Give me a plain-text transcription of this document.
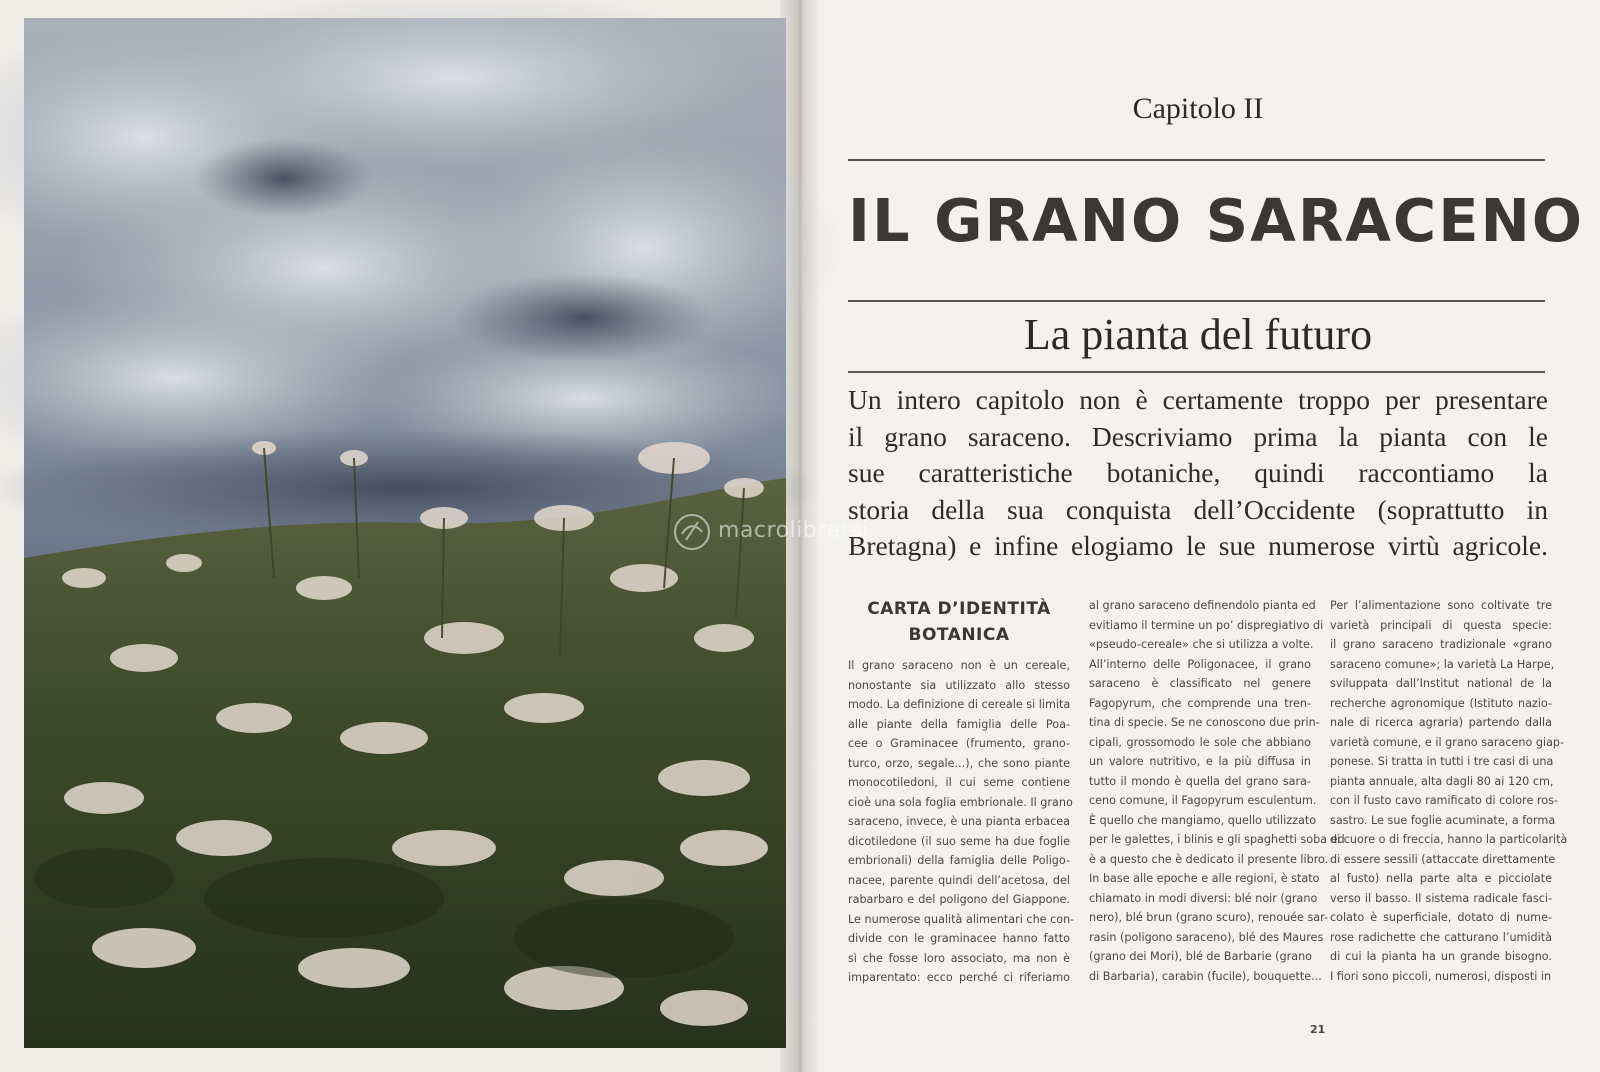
macrolibrarsi
Capitolo II
IL GRANO SARACENO
La pianta del futuro
Un intero capitolo non è certamente troppo per presentare
il grano saraceno. Descriviamo prima la pianta con le
sue caratteristiche botaniche, quindi raccontiamo la
storia della sua conquista dell’Occidente (soprattutto in
Bretagna) e infine elogiamo le sue numerose virtù agricole.
CARTA D’IDENTITÀ
BOTANICA
Il grano saraceno non è un cereale,
nonostante sia utilizzato allo stesso
modo. La definizione di cereale si limita
alle piante della famiglia delle Poa-
cee o Graminacee (frumento, grano-
turco, orzo, segale...), che sono piante
monocotiledoni, il cui seme contiene
cioè una sola foglia embrionale. Il grano
saraceno, invece, è una pianta erbacea
dicotiledone (il suo seme ha due foglie
embrionali) della famiglia delle Poligo-
nacee, parente quindi dell’acetosa, del
rabarbaro e del poligono del Giappone.
Le numerose qualità alimentari che con-
divide con le graminacee hanno fatto
sì che fosse loro associato, ma non è
imparentato: ecco perché ci riferiamo
al grano saraceno definendolo pianta ed
evitiamo il termine un po’ dispregiativo di
«pseudo-cereale» che si utilizza a volte.
All’interno delle Poligonacee, il grano
saraceno è classificato nel genere
Fagopyrum, che comprende una tren-
tina di specie. Se ne conoscono due prin-
cipali, grossomodo le sole che abbiano
un valore nutritivo, e la più diffusa in
tutto il mondo è quella del grano sara-
ceno comune, il Fagopyrum esculentum.
È quello che mangiamo, quello utilizzato
per le galettes, i blinis e gli spaghetti soba ed
è a questo che è dedicato il presente libro.
In base alle epoche e alle regioni, è stato
chiamato in modi diversi: blé noir (grano
nero), blé brun (grano scuro), renouée sar-
rasin (poligono saraceno), blé des Maures
(grano dei Mori), blé de Barbarie (grano
di Barbaria), carabin (fucile), bouquette...
Per l’alimentazione sono coltivate tre
varietà principali di questa specie:
il grano saraceno tradizionale «grano
saraceno comune»; la varietà La Harpe,
sviluppata dall’Institut national de la
recherche agronomique (Istituto nazio-
nale di ricerca agraria) partendo dalla
varietà comune, e il grano saraceno giap-
ponese. Si tratta in tutti i tre casi di una
pianta annuale, alta dagli 80 ai 120 cm,
con il fusto cavo ramificato di colore ros-
sastro. Le sue foglie acuminate, a forma
di cuore o di freccia, hanno la particolarità
di essere sessili (attaccate direttamente
al fusto) nella parte alta e picciolate
verso il basso. Il sistema radicale fasci-
colato è superficiale, dotato di nume-
rose radichette che catturano l’umidità
di cui la pianta ha un grande bisogno.
I fiori sono piccoli, numerosi, disposti in
21
